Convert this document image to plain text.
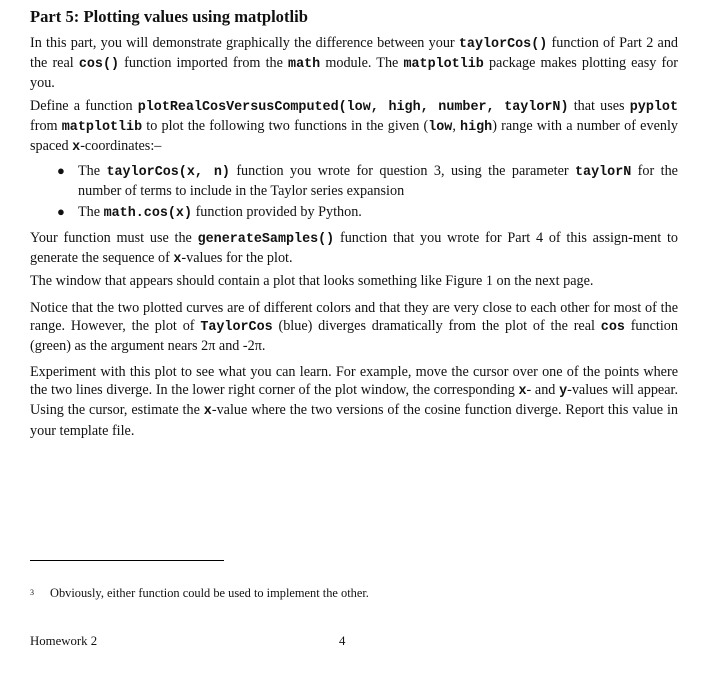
Part 5: Plotting values using matplotlib

In this part, you will demonstrate graphically the difference between your taylorCos() function of Part 2 and the real cos() function imported from the math module. The matplotlib package makes plotting easy for you.

Define a function plotRealCosVersusComputed(low, high, number, taylorN) that uses pyplot from matplotlib to plot the following two functions in the given (low, high) range with a number of evenly spaced x-coordinates:–

● The taylorCos(x, n) function you wrote for question 3, using the parameter taylorN for the number of terms to include in the Taylor series expansion
● The math.cos(x) function provided by Python.

Your function must use the generateSamples() function that you wrote for Part 4 of this assign-ment to generate the sequence of x-values for the plot.

The window that appears should contain a plot that looks something like Figure 1 on the next page.

Notice that the two plotted curves are of different colors and that they are very close to each other for most of the range. However, the plot of TaylorCos (blue) diverges dramatically from the plot of the real cos function (green) as the argument nears 2π and -2π.

Experiment with this plot to see what you can learn. For example, move the cursor over one of the points where the two lines diverge. In the lower right corner of the plot window, the corresponding x- and y-values will appear. Using the cursor, estimate the x-value where the two versions of the cosine function diverge. Report this value in your template file.

$^3$ Obviously, either function could be used to implement the other.
Homework 2	4
